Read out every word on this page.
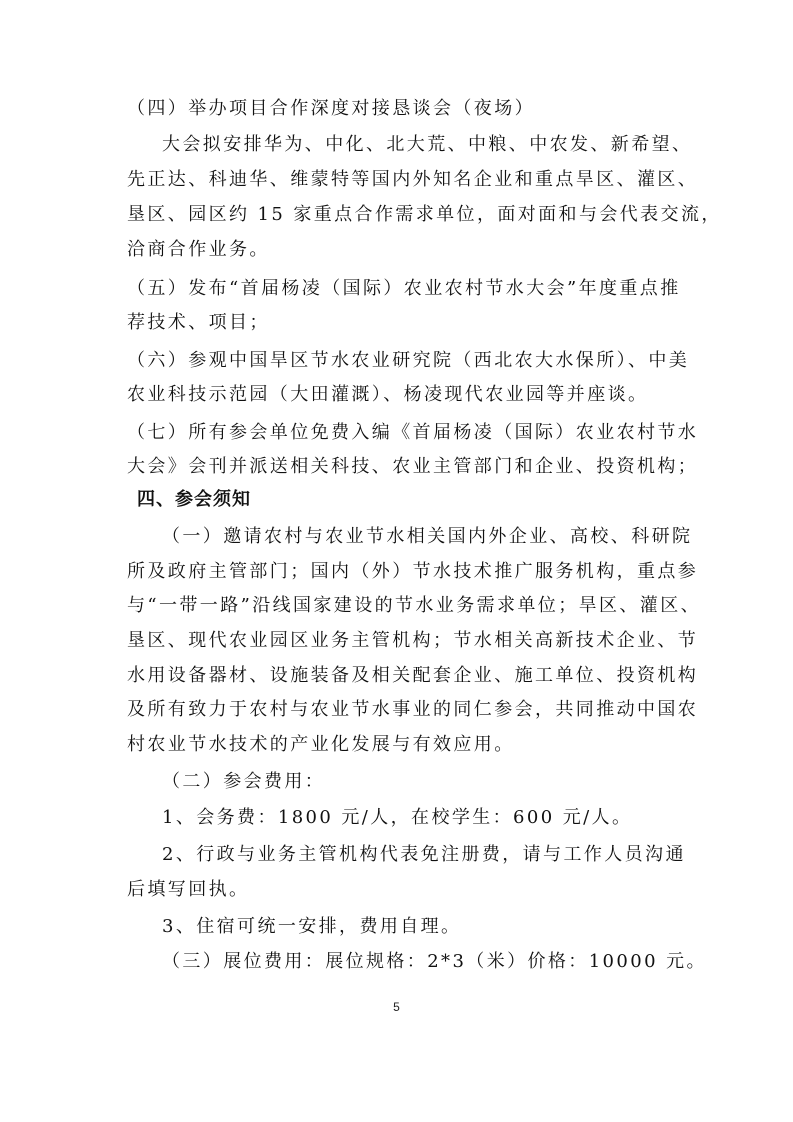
（四）举办项目合作深度对接恳谈会（夜场）
大会拟安排华为、中化、北大荒、中粮、中农发、新希望、
先正达、科迪华、维蒙特等国内外知名企业和重点旱区、灌区、
垦区、园区约 15 家重点合作需求单位，面对面和与会代表交流，
洽商合作业务。
（五）发布“首届杨凌（国际）农业农村节水大会”年度重点推
荐技术、项目；
（六）参观中国旱区节水农业研究院（西北农大水保所）、中美
农业科技示范园（大田灌溉）、杨凌现代农业园等并座谈。
（七）所有参会单位免费入编《首届杨凌（国际）农业农村节水
大会》会刊并派送相关科技、农业主管部门和企业、投资机构；
四、参会须知
（一）邀请农村与农业节水相关国内外企业、高校、科研院
所及政府主管部门；国内（外）节水技术推广服务机构，重点参
与“一带一路”沿线国家建设的节水业务需求单位；旱区、灌区、
垦区、现代农业园区业务主管机构；节水相关高新技术企业、节
水用设备器材、设施装备及相关配套企业、施工单位、投资机构
及所有致力于农村与农业节水事业的同仁参会，共同推动中国农
村农业节水技术的产业化发展与有效应用。
（二）参会费用：
1、会务费：1800 元/人，在校学生：600 元/人。
2、行政与业务主管机构代表免注册费，请与工作人员沟通
后填写回执。
3、住宿可统一安排，费用自理。
（三）展位费用：展位规格：2*3（米）价格：10000 元。
5
